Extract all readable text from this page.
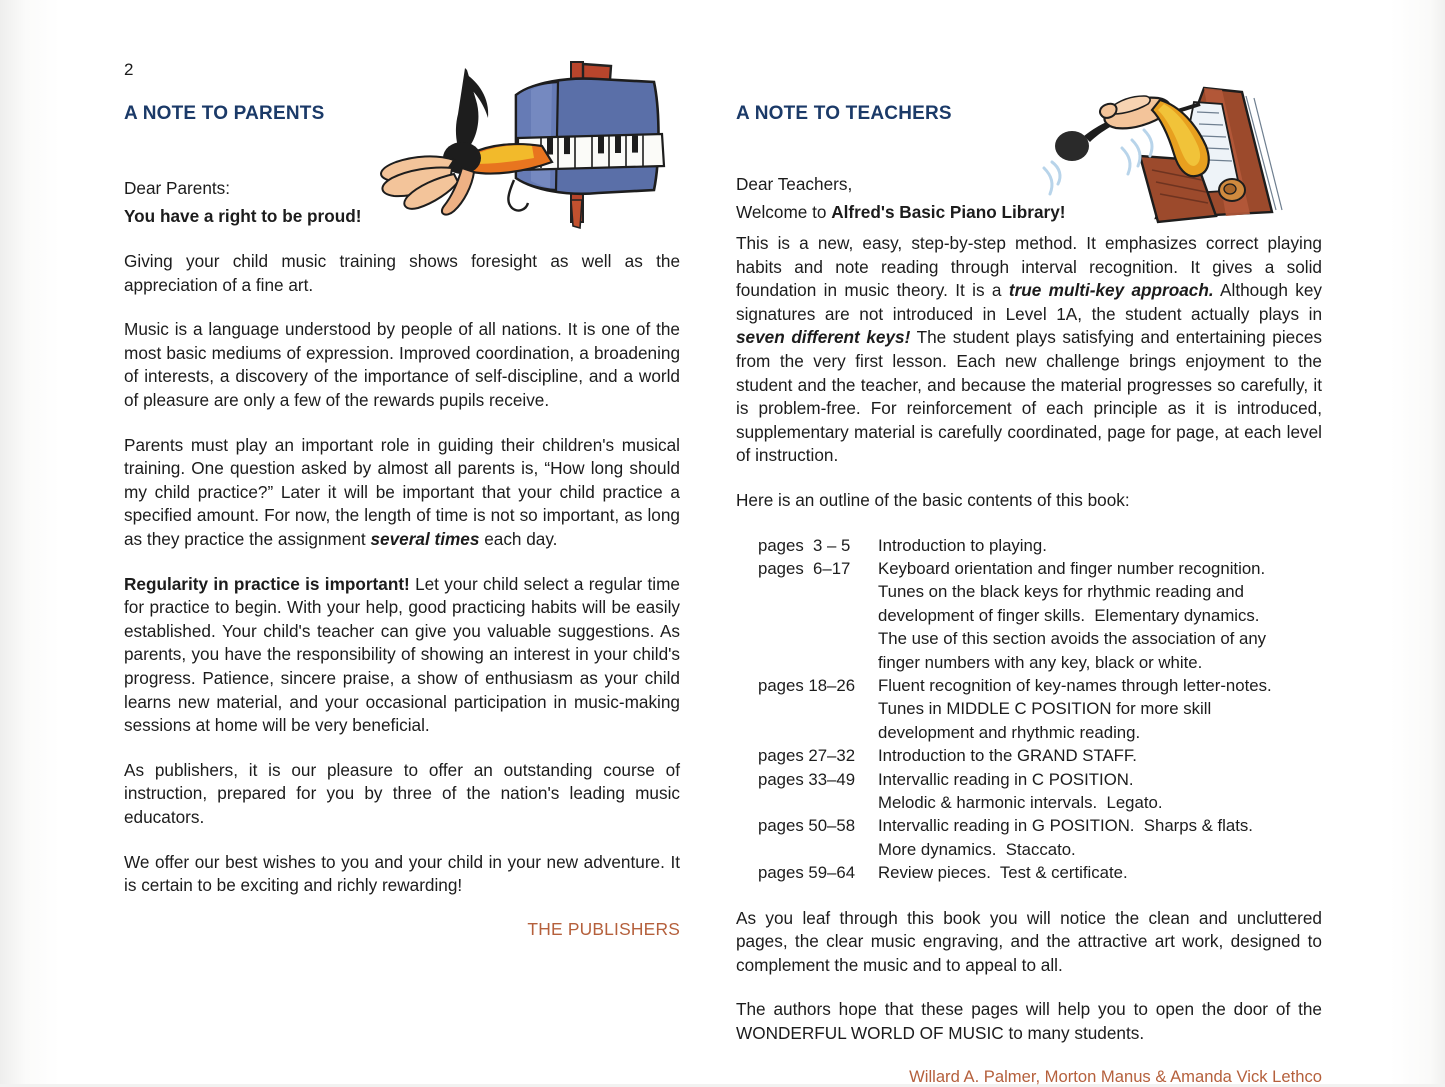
2
A NOTE TO PARENTS

Dear Parents:

You have a right to be proud!

Giving your child music training shows foresight as well as the appreciation of a fine art.

Music is a language understood by people of all nations. It is one of the most basic mediums of expression. Improved coordination, a broadening of interests, a discovery of the importance of self-discipline, and a world of pleasure are only a few of the rewards pupils receive.

Parents must play an important role in guiding their children's musical training. One question asked by almost all parents is, “How long should my child practice?” Later it will be important that your child practice a specified amount. For now, the length of time is not so important, as long as they practice the assignment several times each day.

Regularity in practice is important! Let your child select a regular time for practice to begin. With your help, good practicing habits will be easily established. Your child's teacher can give you valuable suggestions. As parents, you have the responsibility of showing an interest in your child's progress. Patience, sincere praise, a show of enthusiasm as your child learns new material, and your occasional participation in music-making sessions at home will be very beneficial.

As publishers, it is our pleasure to offer an outstanding course of instruction, prepared for you by three of the nation's leading music educators.

We offer our best wishes to you and your child in your new adventure. It is certain to be exciting and richly rewarding!

THE PUBLISHERS

A NOTE TO TEACHERS

Dear Teachers,

Welcome to Alfred's Basic Piano Library!

This is a new, easy, step-by-step method. It emphasizes correct playing habits and note reading through interval recognition. It gives a solid foundation in music theory. It is a true multi-key approach. Although key signatures are not introduced in Level 1A, the student actually plays in seven different keys! The student plays satisfying and entertaining pieces from the very first lesson. Each new challenge brings enjoyment to the student and the teacher, and because the material progresses so carefully, it is problem-free. For reinforcement of each principle as it is introduced, supplementary material is carefully coordinated, page for page, at each level of instruction.

Here is an outline of the basic contents of this book:

pages  3 – 5	Introduction to playing.
pages  6–17	Keyboard orientation and finger number recognition.
Tunes on the black keys for rhythmic reading and
development of finger skills.  Elementary dynamics.
The use of this section avoids the association of any
finger numbers with any key, black or white.
pages 18–26	Fluent recognition of key-names through letter-notes.
Tunes in MIDDLE C POSITION for more skill
development and rhythmic reading.
pages 27–32	Introduction to the GRAND STAFF.
pages 33–49	Intervallic reading in C POSITION.
Melodic & harmonic intervals.  Legato.
pages 50–58	Intervallic reading in G POSITION.  Sharps & flats.
More dynamics.  Staccato.
pages 59–64	Review pieces.  Test & certificate.

As you leaf through this book you will notice the clean and uncluttered pages, the clear music engraving, and the attractive art work, designed to complement the music and to appeal to all.

The authors hope that these pages will help you to open the door of the WONDERFUL WORLD OF MUSIC to many students.

Willard A. Palmer, Morton Manus & Amanda Vick Lethco
